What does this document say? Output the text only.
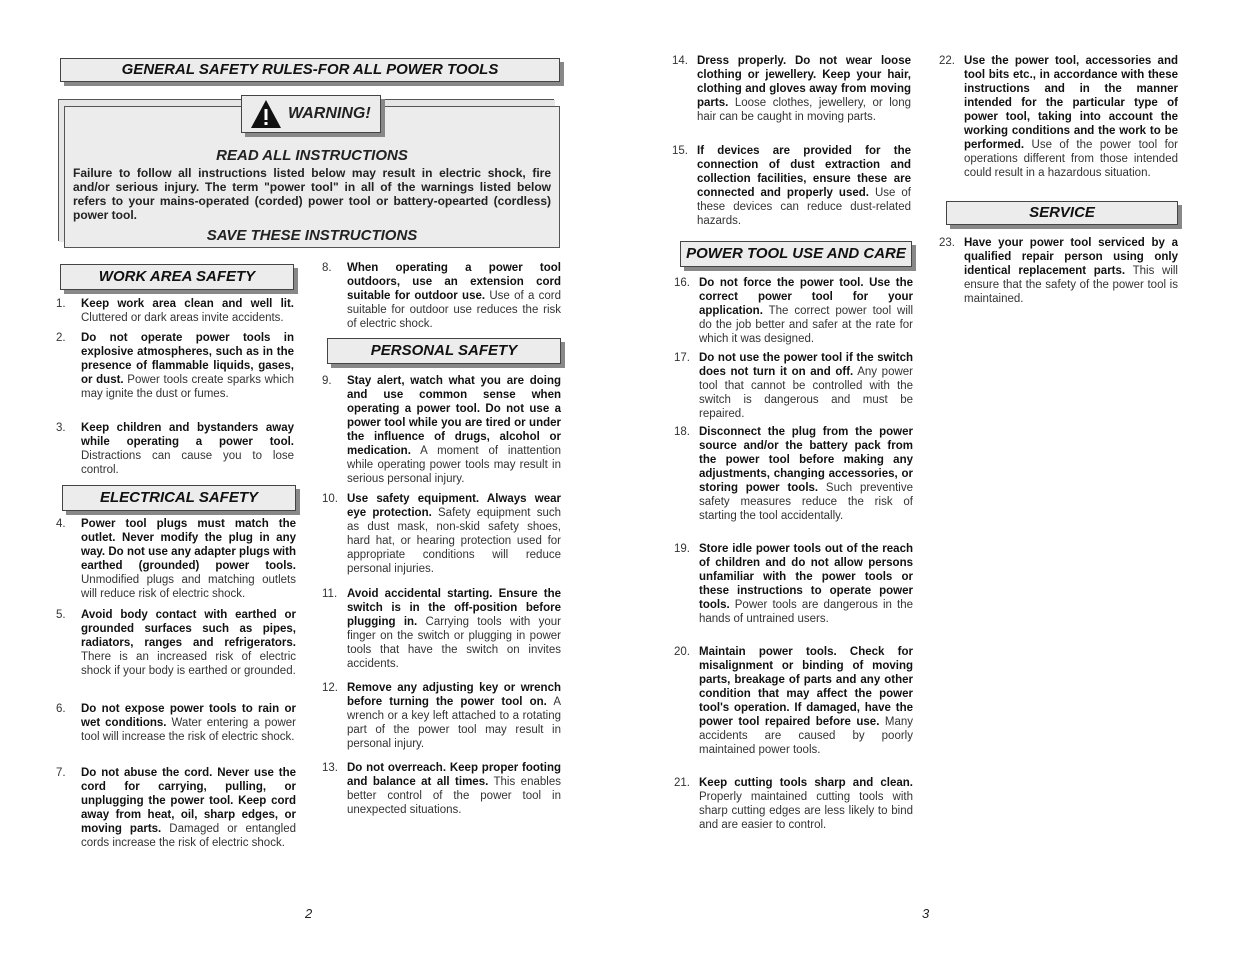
GENERAL SAFETY RULES-FOR ALL POWER TOOLS
READ ALL INSTRUCTIONS
Failure to follow all instructions listed below may result in electric shock, fire and/or serious injury. The term "power tool" in all of the warnings listed below refers to your mains-operated (corded) power tool or battery-opearted (cordless) power tool.
SAVE THESE INSTRUCTIONS
WARNING!
WORK AREA SAFETY
ELECTRICAL SAFETY
PERSONAL SAFETY
POWER TOOL USE AND CARE
SERVICE
1.	Keep work area clean and well lit. Cluttered or dark areas invite accidents.
2.	Do not operate power tools in explosive atmospheres, such as in the presence of flammable liquids, gases, or dust. Power tools create sparks which may ignite the dust or fumes.
3.	Keep children and bystanders away while operating a power tool. Distractions can cause you to lose control.
4.	Power tool plugs must match the outlet. Never modify the plug in any way. Do not use any adapter plugs with earthed (grounded) power tools. Unmodified plugs and matching outlets will reduce risk of electric shock.
5.	Avoid body contact with earthed or grounded surfaces such as pipes, radiators, ranges and refrigerators. There is an increased risk of electric shock if your body is earthed or grounded.
6.	Do not expose power tools to rain or wet conditions. Water entering a power tool will increase the risk of electric shock.
7.	Do not abuse the cord. Never use the cord for carrying, pulling, or unplugging the power tool. Keep cord away from heat, oil, sharp edges, or moving parts. Damaged or entangled cords increase the risk of electric shock.
8.	When operating a power tool outdoors, use an extension cord suitable for outdoor use. Use of a cord suitable for outdoor use reduces the risk of electric shock.
9.	Stay alert, watch what you are doing and use common sense when operating a power tool. Do not use a power tool while you are tired or under the influence of drugs, alcohol or medication. A moment of inattention while operating power tools may result in serious personal injury.
10. Use safety equipment. Always wear eye protection. Safety equipment such as dust mask, non-skid safety shoes, hard hat, or hearing protection used for appropriate conditions will reduce personal injuries.
11. Avoid accidental starting. Ensure the switch is in the off-position before plugging in. Carrying tools with your finger on the switch or plugging in power tools that have the switch on invites accidents.
12. Remove any adjusting key or wrench before turning the power tool on. A wrench or a key left attached to a rotating part of the power tool may result in personal injury.
13. Do not overreach. Keep proper footing and balance at all times. This enables better control of the power tool in unexpected situations.
14. Dress properly. Do not wear loose clothing or jewellery. Keep your hair, clothing and gloves away from moving parts. Loose clothes, jewellery, or long hair can be caught in moving parts.
15. If devices are provided for the connection of dust extraction and collection facilities, ensure these are connected and properly used. Use of these devices can reduce dust-related hazards.
16. Do not force the power tool. Use the correct power tool for your application. The correct power tool will do the job better and safer at the rate for which it was designed.
17. Do not use the power tool if the switch does not turn it on and off. Any power tool that cannot be controlled with the switch is dangerous and must be repaired.
18. Disconnect the plug from the power source and/or the battery pack from the power tool before making any adjustments, changing accessories, or storing power tools. Such preventive safety measures reduce the risk of starting the tool accidentally.
19. Store idle power tools out of the reach of children and do not allow persons unfamiliar with the power tools or these instructions to operate power tools. Power tools are dangerous in the hands of untrained users.
20. Maintain power tools. Check for misalignment or binding of moving parts, breakage of parts and any other condition that may affect the power tool's operation. If damaged, have the power tool repaired before use. Many accidents are caused by poorly maintained power tools.
21. Keep cutting tools sharp and clean. Properly maintained cutting tools with sharp cutting edges are less likely to bind and are easier to control.
22. Use the power tool, accessories and tool bits etc., in accordance with these instructions and in the manner intended for the particular type of power tool, taking into account the working conditions and the work to be performed. Use of the power tool for operations different from those intended could result in a hazardous situation.
23. Have your power tool serviced by a qualified repair person using only identical replacement parts. This will ensure that the safety of the power tool is maintained.
2	3
